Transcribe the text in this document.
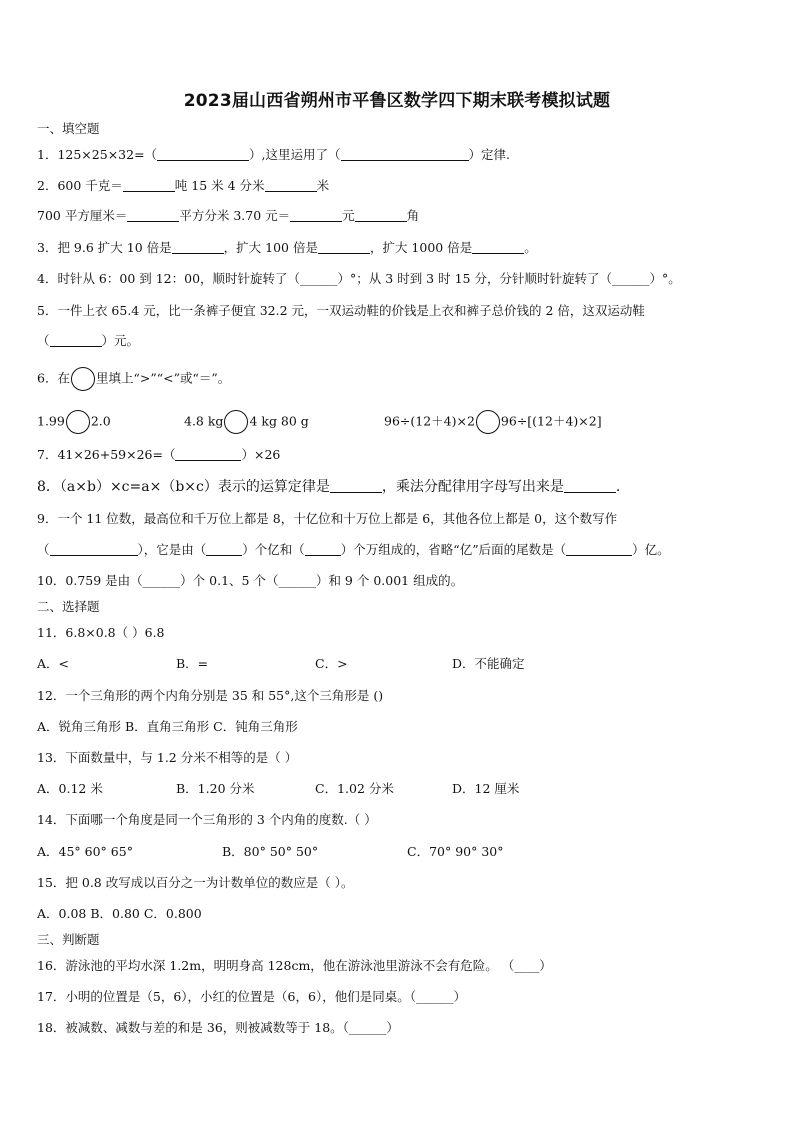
2023届山西省朔州市平鲁区数学四下期末联考模拟试题
一、填空题
1．125×25×32=（	）,这里运用了（	）定律.
2．600 千克＝	吨 15 米 4 分米	米
700 平方厘米＝	平方分米 3.70 元＝	元	角
3．把 9.6 扩大 10 倍是	，扩大 100 倍是	，扩大 1000 倍是	。
4．时针从 6：00 到 12：00，顺时针旋转了（______）°；从 3 时到 3 时 15 分，分针顺时针旋转了（______）°。
5．一件上衣 65.4 元，比一条裤子便宜 32.2 元，一双运动鞋的价钱是上衣和裤子总价钱的 2 倍，这双运动鞋
（	）元。
6．在 里填上“>”“<”或“＝”。
1.99 2.0	4.8 kg 4 kg 80 g	96÷(12＋4)×2 96÷[(12＋4)×2]
7．41×26+59×26=（	）×26
8．（a×b）×c=a×（b×c）表示的运算定律是	，乘法分配律用字母写出来是	.
9．一个 11 位数，最高位和千万位上都是 8，十亿位和十万位上都是 6，其他各位上都是 0，这个数写作
（	），它是由（	）个亿和（	）个万组成的，省略“亿”后面的尾数是（	）亿。
10．0.759 是由（______）个 0.1、5 个（______）和 9 个 0.001 组成的。
二、选择题
11．6.8×0.8（ ）6.8
A．<	B．=	C．>	D．不能确定
12．一个三角形的两个内角分别是 35 和 55°,这个三角形是 ()
A．锐角三角形 B．直角三角形 C．钝角三角形
13．下面数量中，与 1.2 分米不相等的是（ ）
A．0.12 米	B．1.20 分米	C．1.02 分米	D．12 厘米
14．下面哪一个角度是同一个三角形的 3 个内角的度数.（ ）
A．45° 60° 65°	B．80° 50° 50°	C．70° 90° 30°
15．把 0.8 改写成以百分之一为计数单位的数应是（ ）。
A．0.08 B．0.80 C．0.800
三、判断题
16．游泳池的平均水深 1.2m，明明身高 128cm，他在游泳池里游泳不会有危险。 （____）
17．小明的位置是（5，6），小红的位置是（6，6），他们是同桌。（______）
18．被减数、减数与差的和是 36，则被减数等于 18。（______）
